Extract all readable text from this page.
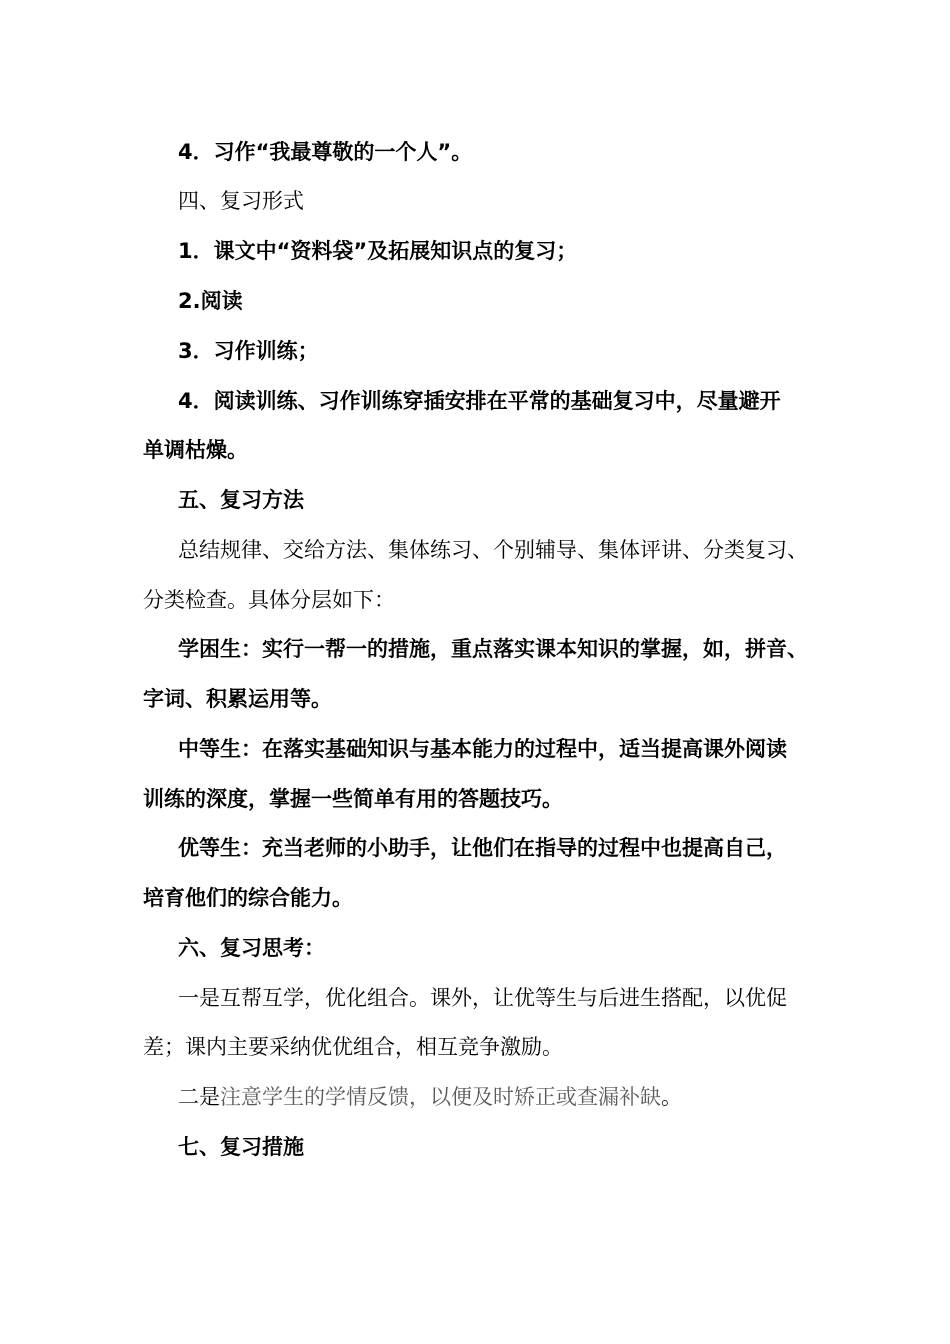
4．习作“我最尊敬的一个人”。
四、复习形式
1．课文中“资料袋”及拓展知识点的复习；
2.阅读
3．习作训练；
4．阅读训练、习作训练穿插安排在平常的基础复习中，尽量避开
单调枯燥。
五、复习方法
总结规律、交给方法、集体练习、个别辅导、集体评讲、分类复习、
分类检查。具体分层如下：
学困生：实行一帮一的措施，重点落实课本知识的掌握，如，拼音、
字词、积累运用等。
中等生：在落实基础知识与基本能力的过程中，适当提高课外阅读
训练的深度，掌握一些简单有用的答题技巧。
优等生：充当老师的小助手，让他们在指导的过程中也提高自己，
培育他们的综合能力。
六、复习思考：
一是互帮互学，优化组合。课外，让优等生与后进生搭配，以优促
差；课内主要采纳优优组合，相互竞争激励。
二是注意学生的学情反馈，以便及时矫正或查漏补缺。
七、复习措施
